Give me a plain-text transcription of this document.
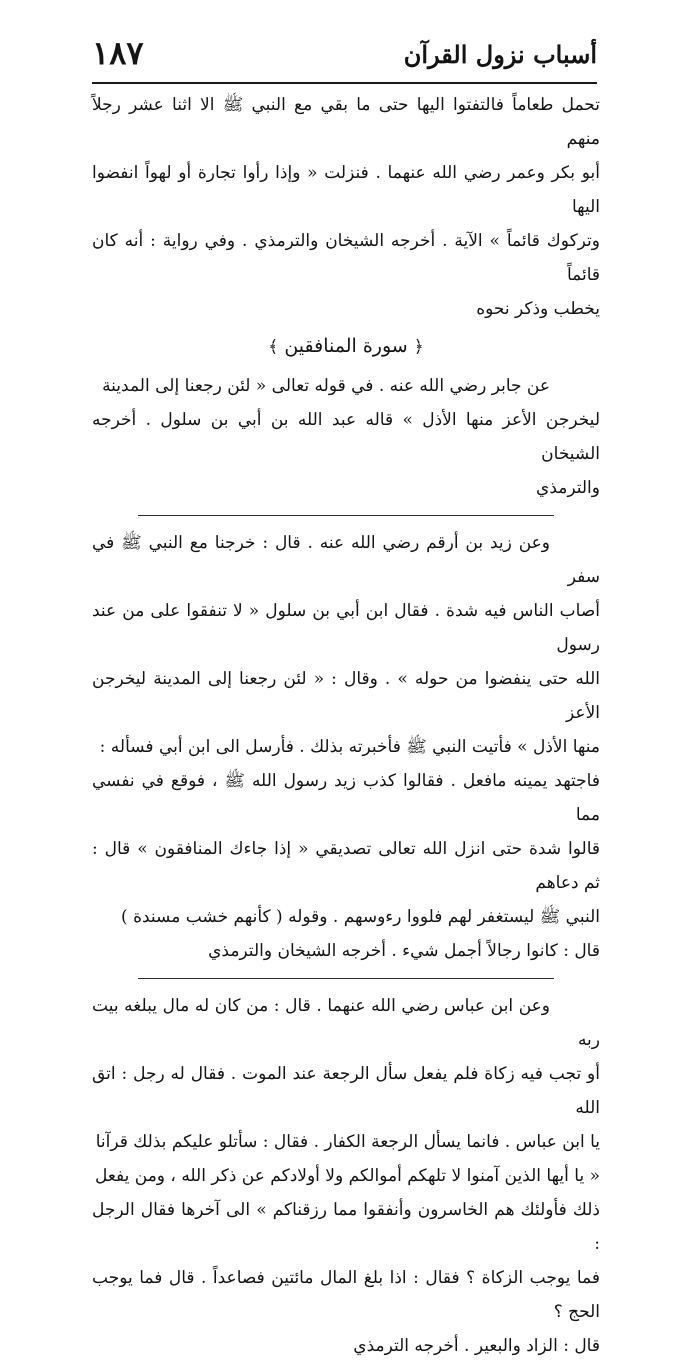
أسباب نزول القرآن
١٨٧

تحمل طعاماً فالتفتوا اليها حتى ما بقي مع النبي ﷺ الا اثنا عشر رجلاً منهم

أبو بكر وعمر رضي الله عنهما . فنزلت « وإذا رأوا تجارة أو لهواً انفضوا اليها

وتركوك قائماً » الآية . أخرجه الشيخان والترمذي . وفي رواية : أنه كان قائماً

يخطب وذكر نحوه

﴿ سورة المنافقين ﴾

عن جابر رضي الله عنه . في قوله تعالى « لئن رجعنا إلى المدينة

ليخرجن الأعز منها الأذل » قاله عبد الله بن أبي بن سلول . أخرجه الشيخان

والترمذي

وعن زيد بن أرقم رضي الله عنه . قال : خرجنا مع النبي ﷺ في سفر

أصاب الناس فيه شدة . فقال ابن أبي بن سلول « لا تنفقوا على من عند رسول

الله حتى ينفضوا من حوله » . وقال : « لئن رجعنا إلى المدينة ليخرجن الأعز

منها الأذل » فأتيت النبي ﷺ فأخبرته بذلك . فأرسل الى ابن أبي فسأله :

فاجتهد يمينه مافعل . فقالوا كذب زيد رسول الله ﷺ ، فوقع في نفسي مما

قالوا شدة حتى انزل الله تعالى تصديقي « إذا جاءك المنافقون » قال : ثم دعاهم

النبي ﷺ ليستغفر لهم فلووا رءوسهم . وقوله ( كأنهم خشب مسندة )

قال : كانوا رجالاً أجمل شيء . أخرجه الشيخان والترمذي

وعن ابن عباس رضي الله عنهما . قال : من كان له مال يبلغه بيت ربه

أو تجب فيه زكاة فلم يفعل سأل الرجعة عند الموت . فقال له رجل : اتق الله

يا ابن عباس . فانما يسأل الرجعة الكفار . فقال : سأتلو عليكم بذلك قرآنا

« يا أيها الذين آمنوا لا تلهكم أموالكم ولا أولادكم عن ذكر الله ، ومن يفعل

ذلك فأولئك هم الخاسرون وأنفقوا مما رزقناكم » الى آخرها فقال الرجل :

فما يوجب الزكاة ؟ فقال : اذا بلغ المال مائتين فصاعداً . قال فما يوجب الحج ؟

قال : الزاد والبعير . أخرجه الترمذي
